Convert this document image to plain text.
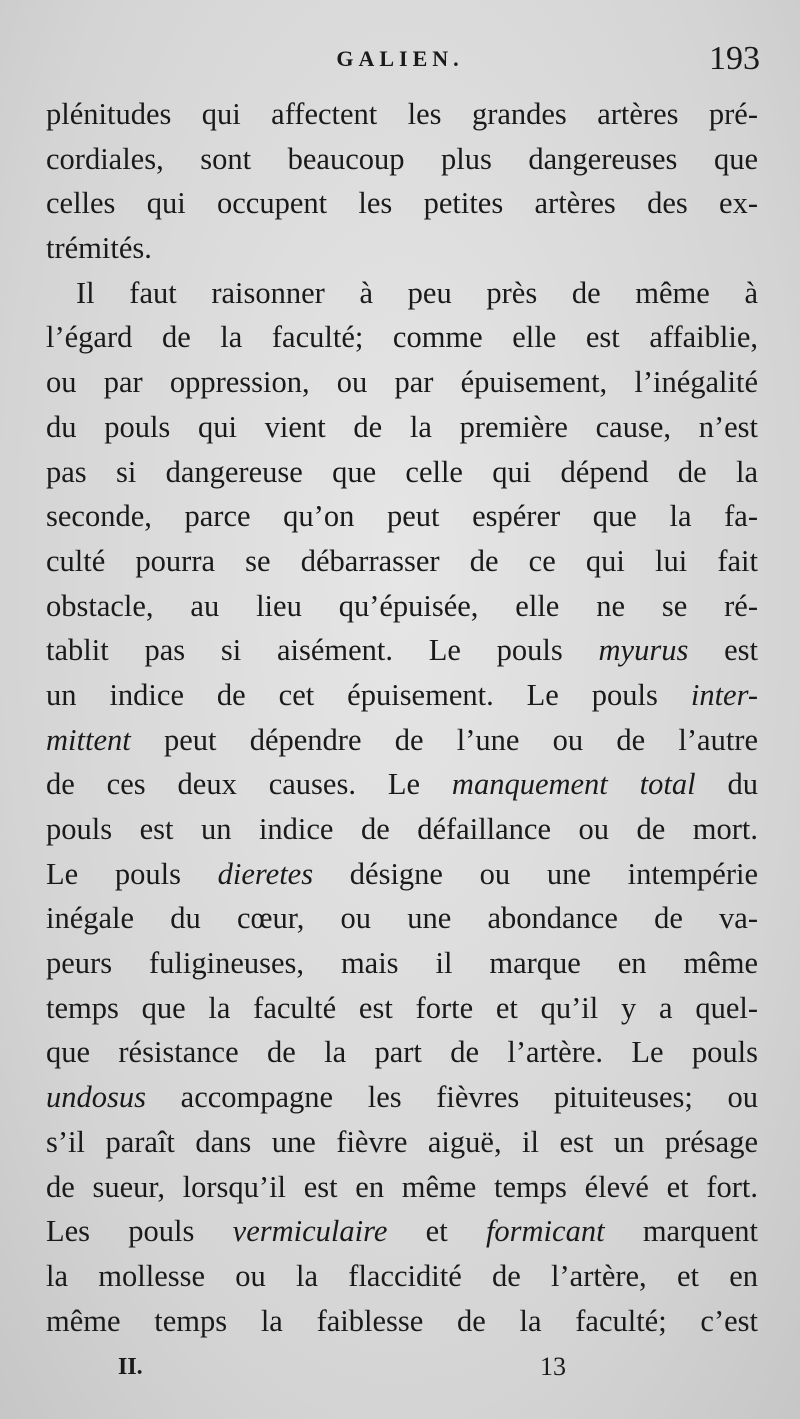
GALIEN.	193
plénitudes qui affectent les grandes artères pré-
cordiales, sont beaucoup plus dangereuses que
celles qui occupent les petites artères des ex-
trémités.
Il faut raisonner à peu près de même à
l’égard de la faculté; comme elle est affaiblie,
ou par oppression, ou par épuisement, l’inégalité
du pouls qui vient de la première cause, n’est
pas si dangereuse que celle qui dépend de la
seconde, parce qu’on peut espérer que la fa-
culté pourra se débarrasser de ce qui lui fait
obstacle, au lieu qu’épuisée, elle ne se ré-
tablit pas si aisément. Le pouls myurus est
un indice de cet épuisement. Le pouls inter-
mittent peut dépendre de l’une ou de l’autre
de ces deux causes. Le manquement total du
pouls est un indice de défaillance ou de mort.
Le pouls dieretes désigne ou une intempérie
inégale du cœur, ou une abondance de va-
peurs fuligineuses, mais il marque en même
temps que la faculté est forte et qu’il y a quel-
que résistance de la part de l’artère. Le pouls
undosus accompagne les fièvres pituiteuses; ou
s’il paraît dans une fièvre aiguë, il est un présage
de sueur, lorsqu’il est en même temps élevé et fort.
Les pouls vermiculaire et formicant marquent
la mollesse ou la flaccidité de l’artère, et en
même temps la faiblesse de la faculté; c’est
II.	13
